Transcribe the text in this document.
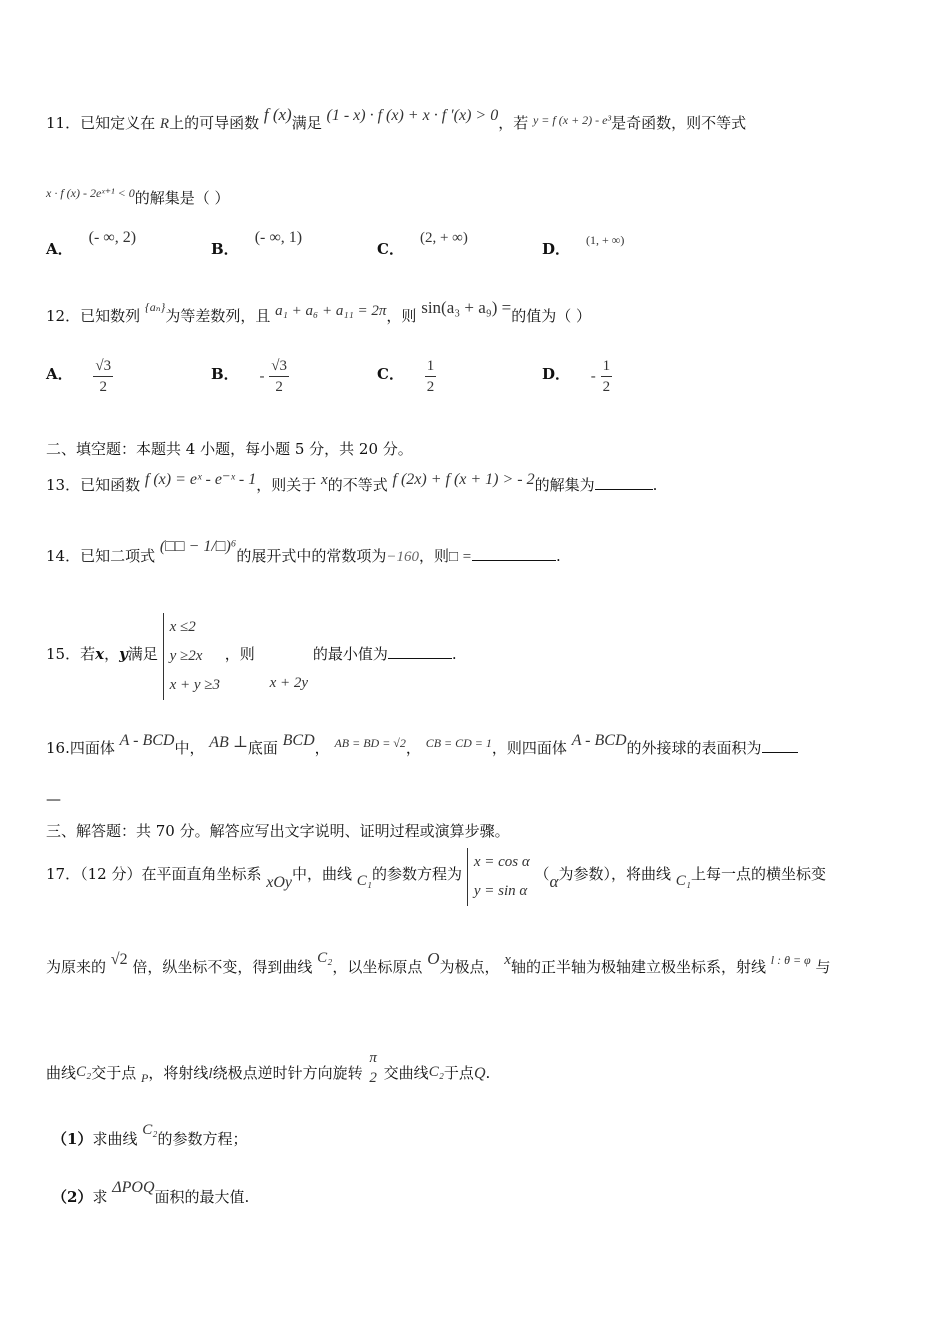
11．已知定义在 R上的可导函数 f (x)满足 (1 - x) · f (x) + x · f ′(x) > 0，若 $^{y = f (x + 2) - e^3}$是奇函数，则不等式
$^{x \cdot f (x) - 2eˣ^{+1} < 0}$的解集是（ ）
A．(- ∞, 2)
B．(- ∞, 1)
C．(2, + ∞)
D． $^{(1, + \infty)}$
12．已知数列 $^{\{a_n\}}$为等差数列，且 a₁ + a₆ + a₁₁ = 2π，则 sin(a₃ + a₉) =的值为（ ）
A． $\frac{√3}{2}$	B． - $\frac{√3}{2}$	C． $\frac{1}{2}$	D． - $\frac{1}{2}$
二、填空题：本题共 4 小题，每小题 5 分，共 20 分。
13．已知函数 f (x) = eˣ - e⁻ˣ - 1，则关于 x的不等式 f (2x) + f (x + 1) > - 2的解集为	.
14．已知二项式 (□□ − 1/□)⁶的展开式中的常数项为−160，则□ =	.
15．若x，y满足
x ≤2
y ≥2x
x + y ≥3
，则 x + 2y 的最小值为	.
16.四面体 A - BCD中， AB ⊥底面 BCD， $^{AB = BD = √2}$， $^{CB = CD = 1}$，则四面体 A - BCD的外接球的表面积为
—
三、解答题：共 70 分。解答应写出文字说明、证明过程或演算步骤。
17．（12 分）在平面直角坐标系 xOy中，曲线 C₁的参数方程为
x = cos α
y = sin α
（α为参数），将曲线 C₁上每一点的横坐标变
为原来的 √2 倍，纵坐标不变，得到曲线 C₂，以坐标原点 O为极点， x轴的正半轴为极轴建立极坐标系，射线 $^{l : \theta = \varphi}$ 与
曲线C₂交于点 $_P$，将射线l绕极点逆时针方向旋转
π
2 交曲线C₂于点Q.
（1）求曲线 C₂的参数方程；
（2）求 ΔPOQ面积的最大值.
